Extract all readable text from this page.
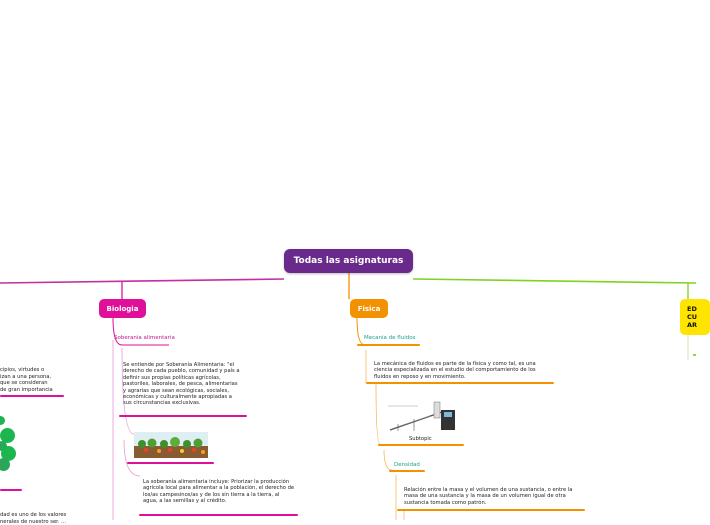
Todas las asignaturas
Biologia	Fisica	ED
CU
AR
Soberania alimentaria
Se entiende por Soberanía Alimentaria: "el derecho de cada pueblo, comunidad y país a definir sus propias políticas agrícolas, pastoriles, laborales, de pesca, alimentarias y agrarias que sean ecológicas, sociales, económicas y culturalmente apropiadas a sus circunstancias exclusivas.
La soberanía alimentaria incluye: Priorizar la producción agrícola local para alimentar a la población, el derecho de los/as campesinos/as y de los sin tierra a la tierra, al agua, a las semillas y al crédito.

cipios, virtudes o
izan a una persona,
que se consideran
de gran importancia

dad es uno de los valores
nerales de nuestro ser. ...

Mecania de fluidos
La mecánica de fluidos es parte de la física y como tal, es una ciencia especializada en el estudio del comportamiento de los fluidos en reposo y en movimiento.
Subtopic
Densidad
Relación entre la masa y el volumen de una sustancia, o entre la masa de una sustancia y la masa de un volumen igual de otra sustancia tomada como patrón.
